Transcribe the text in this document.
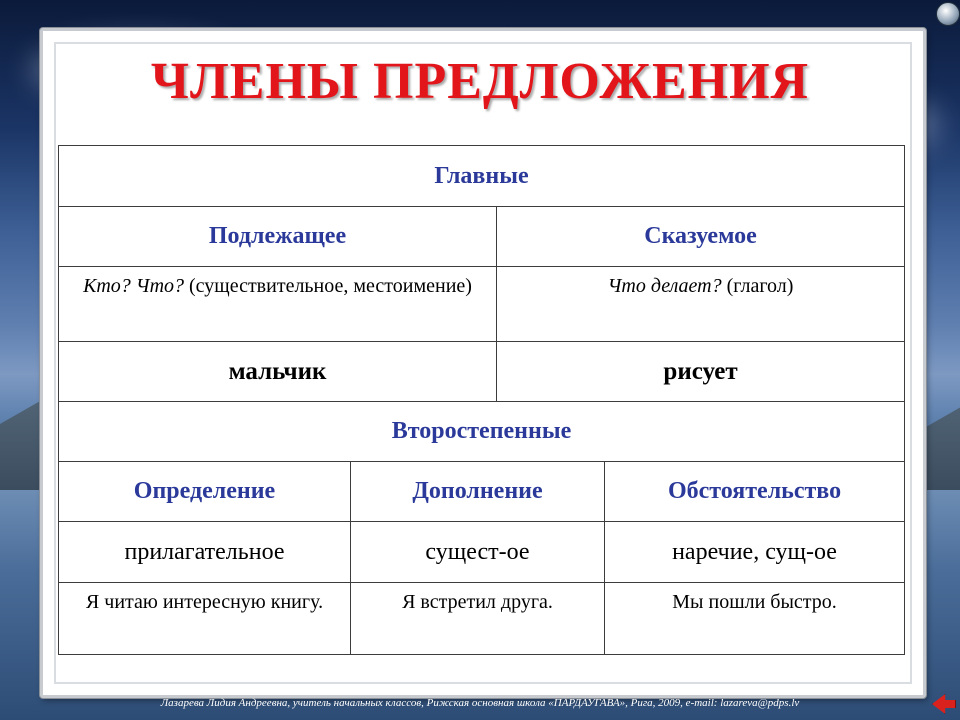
ЧЛЕНЫ ПРЕДЛОЖЕНИЯ
Главные			
Подлежащее		Сказуемое	
Кто? Что? (существительное, местоимение)		Что делает? (глагол)	
мальчик		рисует	
Второстепенные			
Определение	Дополнение		Обстоятельство
прилагательное	сущест-ое		наречие, сущ-ое
Я читаю интересную книгу.	Я встретил друга.		Мы пошли быстро.
Лазарева Лидия Андреевна, учитель начальных классов, Рижская основная школа «ПАРДАУГАВА», Рига, 2009, e-mail: lazareva@pdps.lv
